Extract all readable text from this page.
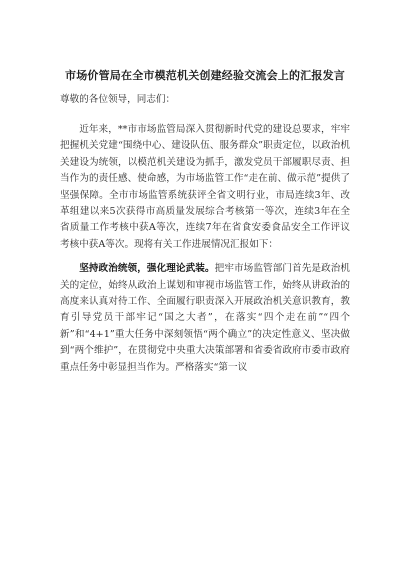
市场价管局在全市模范机关创建经验交流会上的汇报发言

尊敬的各位领导，同志们：

近年来，**市市场监管局深入贯彻新时代党的建设总要求，牢牢把握机关党建“围绕中心、建设队伍、服务群众”职责定位，以政治机关建设为统领，以模范机关建设为抓手，激发党员干部履职尽责、担当作为的责任感、使命感，为市场监管工作“走在前、做示范”提供了坚强保障。全市市场监管系统获评全省文明行业，市局连续3年、改革组建以来5次获得市高质量发展综合考核第一等次，连续3年在全省质量工作考核中获A等次，连续7年在省食安委食品安全工作评议考核中获A等次。现将有关工作进展情况汇报如下：

坚持政治统领，强化理论武装。把牢市场监管部门首先是政治机关的定位，始终从政治上谋划和审视市场监管工作，始终从讲政治的高度来认真对待工作、全面履行职责深入开展政治机关意识教育，教育引导党员干部牢记“国之大者”，在落实“四个走在前”“四个新”和“4+1”重大任务中深刻领悟“两个确立”的决定性意义、坚决做到“两个维护”，在贯彻党中央重大决策部署和省委省政府市委市政府重点任务中彰显担当作为。严格落实“第一议
